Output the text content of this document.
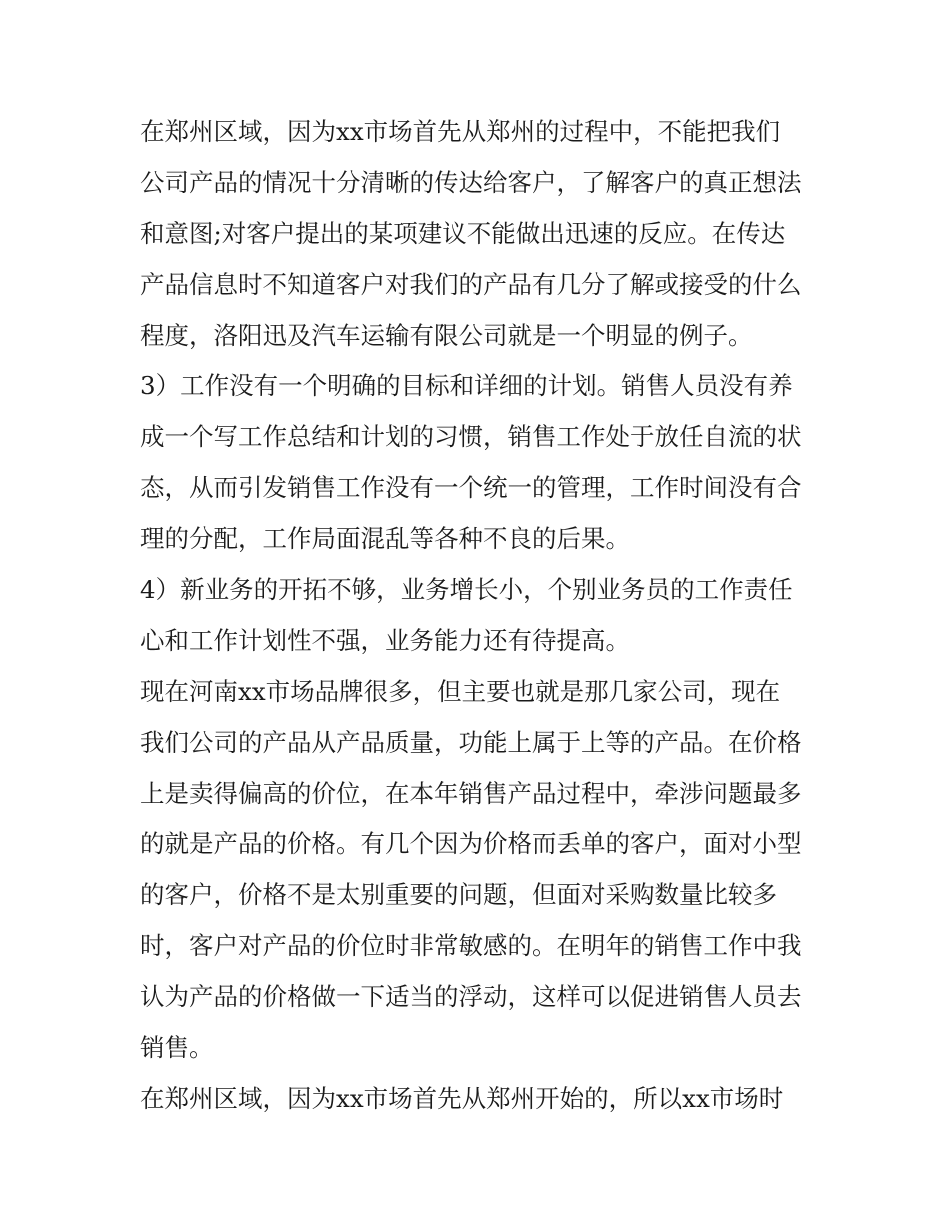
在郑州区域，因为xx市场首先从郑州的过程中，不能把我们
公司产品的情况十分清晰的传达给客户，了解客户的真正想法
和意图;对客户提出的某项建议不能做出迅速的反应。在传达
产品信息时不知道客户对我们的产品有几分了解或接受的什么
程度，洛阳迅及汽车运输有限公司就是一个明显的例子。
3）工作没有一个明确的目标和详细的计划。销售人员没有养
成一个写工作总结和计划的习惯，销售工作处于放任自流的状
态，从而引发销售工作没有一个统一的管理，工作时间没有合
理的分配，工作局面混乱等各种不良的后果。
4）新业务的开拓不够，业务增长小，个别业务员的工作责任
心和工作计划性不强，业务能力还有待提高。
现在河南xx市场品牌很多，但主要也就是那几家公司，现在
我们公司的产品从产品质量，功能上属于上等的产品。在价格
上是卖得偏高的价位，在本年销售产品过程中，牵涉问题最多
的就是产品的价格。有几个因为价格而丢单的客户，面对小型
的客户，价格不是太别重要的问题，但面对采购数量比较多
时，客户对产品的价位时非常敏感的。在明年的销售工作中我
认为产品的价格做一下适当的浮动，这样可以促进销售人员去
销售。
在郑州区域，因为xx市场首先从郑州开始的，所以xx市场时
